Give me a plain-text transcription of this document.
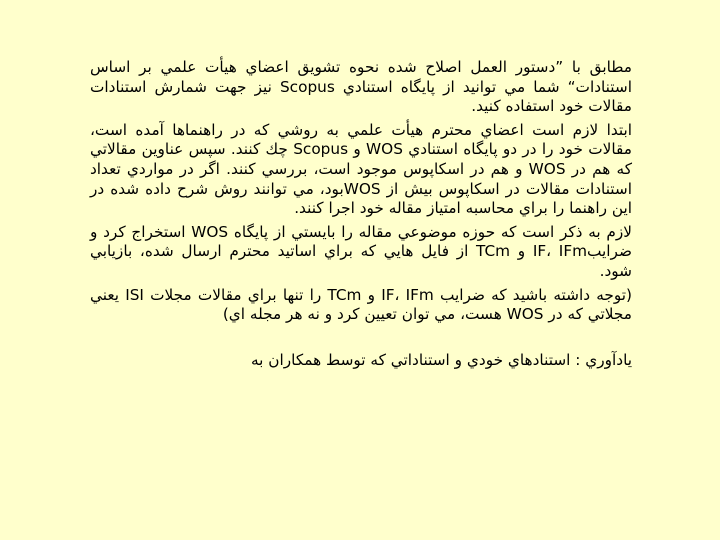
مطابق با ”دستور العمل اصلاح شده نحوه تشويق اعضاي هيأت علمي بر اساس استنادات“ شما مي توانيد از پايگاه استنادي Scopus نيز جهت شمارش استنادات مقالات خود استفاده كنيد.

ابتدا لازم است اعضاي محترم هيأت علمي به روشي كه در راهنماها آمده است، مقالات خود را در دو پايگاه استنادي WOS و Scopus چك كنند. سپس عناوين مقالاتي كه هم در WOS و هم در اسكاپوس موجود است، بررسي كنند. اگر در مواردي تعداد استنادات مقالات در اسكاپوس بيش از WOSبود، مي توانند روش شرح داده شده در اين راهنما را براي محاسبه امتياز مقاله خود اجرا كنند.

لازم به ذكر است كه حوزه موضوعي مقاله را بايستي از پايگاه WOS استخراج كرد و ضرايبIF، IFm و TCm از فايل هايي كه براي اساتيد محترم ارسال شده، بازيابي شود.

(توجه داشته باشيد كه ضرايب IF، IFm و TCm را تنها براي مقالات مجلات ISI يعني مجلاتي كه در WOS هست، مي توان تعيين كرد و نه هر مجله اي)

يادآوري : استنادهاي خودي و استناداتي كه توسط همكاران به
